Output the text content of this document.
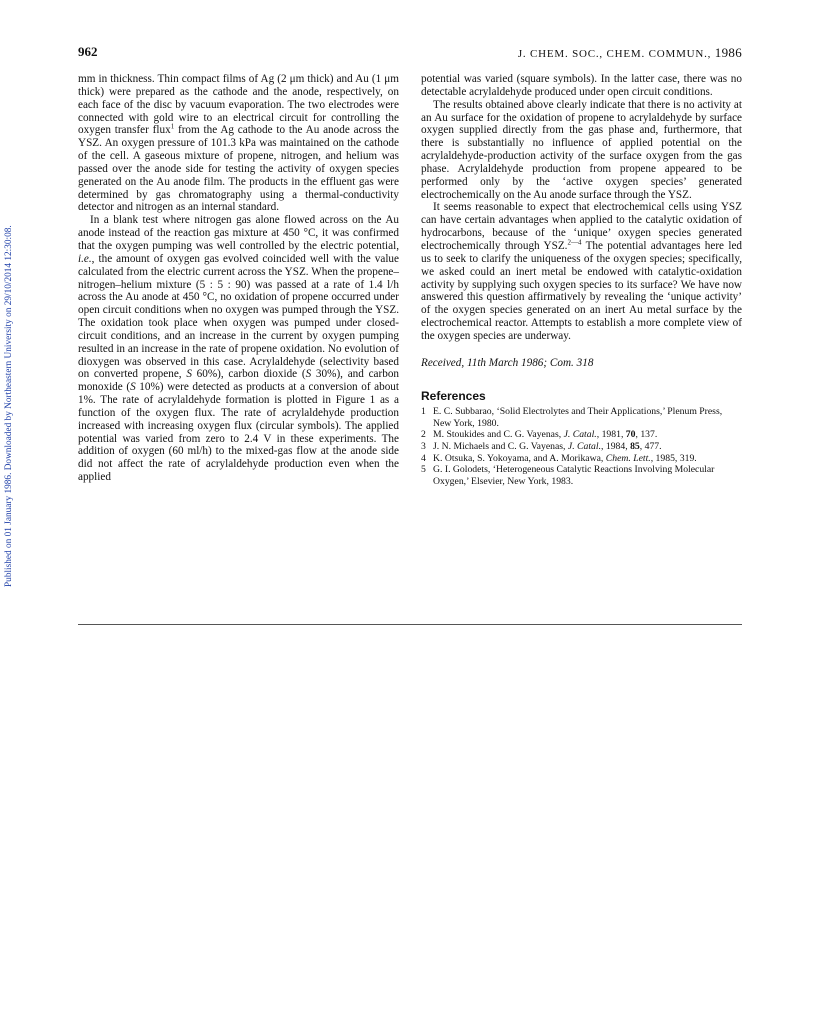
962	J. CHEM. SOC., CHEM. COMMUN., 1986
Published on 01 January 1986. Downloaded by Northeastern University on 29/10/2014 12:30:08.

mm in thickness. Thin compact films of Ag (2 μm thick) and Au (1 μm thick) were prepared as the cathode and the anode, respectively, on each face of the disc by vacuum evaporation. The two electrodes were connected with gold wire to an electrical circuit for controlling the oxygen transfer flux$^1$ from the Ag cathode to the Au anode across the YSZ. An oxygen pressure of 101.3 kPa was maintained on the cathode of the cell. A gaseous mixture of propene, nitrogen, and helium was passed over the anode side for testing the activity of oxygen species generated on the Au anode film. The products in the effluent gas were determined by gas chromatography using a thermal-conductivity detector and nitrogen as an internal standard.

In a blank test where nitrogen gas alone flowed across on the Au anode instead of the reaction gas mixture at 450 °C, it was confirmed that the oxygen pumping was well controlled by the electric potential, i.e., the amount of oxygen gas evolved coincided well with the value calculated from the electric current across the YSZ. When the propene–nitrogen–helium mixture (5 : 5 : 90) was passed at a rate of 1.4 l/h across the Au anode at 450 °C, no oxidation of propene occurred under open circuit conditions when no oxygen was pumped through the YSZ. The oxidation took place when oxygen was pumped under closed-circuit conditions, and an increase in the current by oxygen pumping resulted in an increase in the rate of propene oxidation. No evolution of dioxygen was observed in this case. Acrylaldehyde (selectivity based on converted propene, S 60%), carbon dioxide (S 30%), and carbon monoxide (S 10%) were detected as products at a conversion of about 1%. The rate of acrylaldehyde formation is plotted in Figure 1 as a function of the oxygen flux. The rate of acrylaldehyde production increased with increasing oxygen flux (circular symbols). The applied potential was varied from zero to 2.4 V in these experiments. The addition of oxygen (60 ml/h) to the mixed-gas flow at the anode side did not affect the rate of acrylaldehyde production even when the applied

potential was varied (square symbols). In the latter case, there was no detectable acrylaldehyde produced under open circuit conditions.

The results obtained above clearly indicate that there is no activity at an Au surface for the oxidation of propene to acrylaldehyde by surface oxygen supplied directly from the gas phase and, furthermore, that there is substantially no influence of applied potential on the acrylaldehyde-production activity of the surface oxygen from the gas phase. Acrylaldehyde production from propene appeared to be performed only by the ‘active oxygen species’ generated electrochemically on the Au anode surface through the YSZ.

It seems reasonable to expect that electrochemical cells using YSZ can have certain advantages when applied to the catalytic oxidation of hydrocarbons, because of the ‘unique’ oxygen species generated electrochemically through YSZ.$^{2—4}$ The potential advantages here led us to seek to clarify the uniqueness of the oxygen species; specifically, we asked could an inert metal be endowed with catalytic-oxidation activity by supplying such oxygen species to its surface? We have now answered this question affirmatively by revealing the ‘unique activity’ of the oxygen species generated on an inert Au metal surface by the electrochemical reactor. Attempts to establish a more complete view of the oxygen species are underway.

Received, 11th March 1986; Com. 318

References
1 E. C. Subbarao, ‘Solid Electrolytes and Their Applications,’ Plenum Press, New York, 1980.
2 M. Stoukides and C. G. Vayenas, J. Catal., 1981, 70, 137.
3 J. N. Michaels and C. G. Vayenas, J. Catal., 1984, 85, 477.
4 K. Otsuka, S. Yokoyama, and A. Morikawa, Chem. Lett., 1985, 319.
5 G. I. Golodets, ‘Heterogeneous Catalytic Reactions Involving Molecular Oxygen,’ Elsevier, New York, 1983.
